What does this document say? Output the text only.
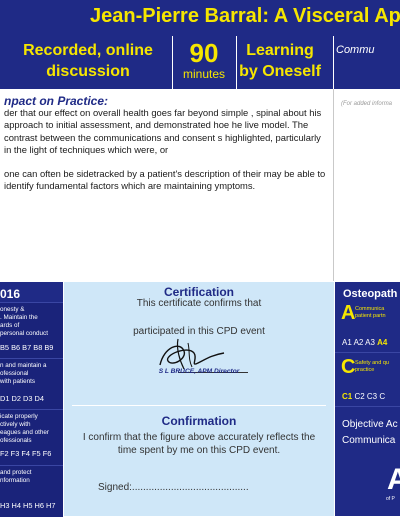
Jean-Pierre Barral: A Visceral Ap
Recorded, online discussion
90
minutes
Learning by Oneself
Commu
npact on Practice:

der that our effect on overall health goes far beyond simple , spinal about his approach to initial assessment, and demonstrated hoe he live model. The contrast between the communications and consent s highlighted, particularly in the light of techniques which were, or

one can often be sidetracked by a patient's description of their may be able to identify fundamental factors which are maintaining ymptoms.

(For added informa
016
onesty &
. Maintain the
ards of
personal conduct
B5 B6 B7 B8 B9
n and maintain a
ofessional
with patients
D1 D2 D3 D4
icate properly
ctively with
eagues and other
ofessionals
F2 F3 F4 F5 F6
and protect
nformation
H3 H4 H5 H6 H7
Certification
This certificate confirms that
participated in this CPD event
S L BRUCE, APM Director
Confirmation
I confirm that the figure above accurately reflects the time spent by me on this CPD event.
Signed:..........................................
Osteopath
A Communica
patient partn
A1 A2 A3 A4
C Safety and qu
practice
C1 C2 C3 C
Objective Ac
Communica
A
of P
